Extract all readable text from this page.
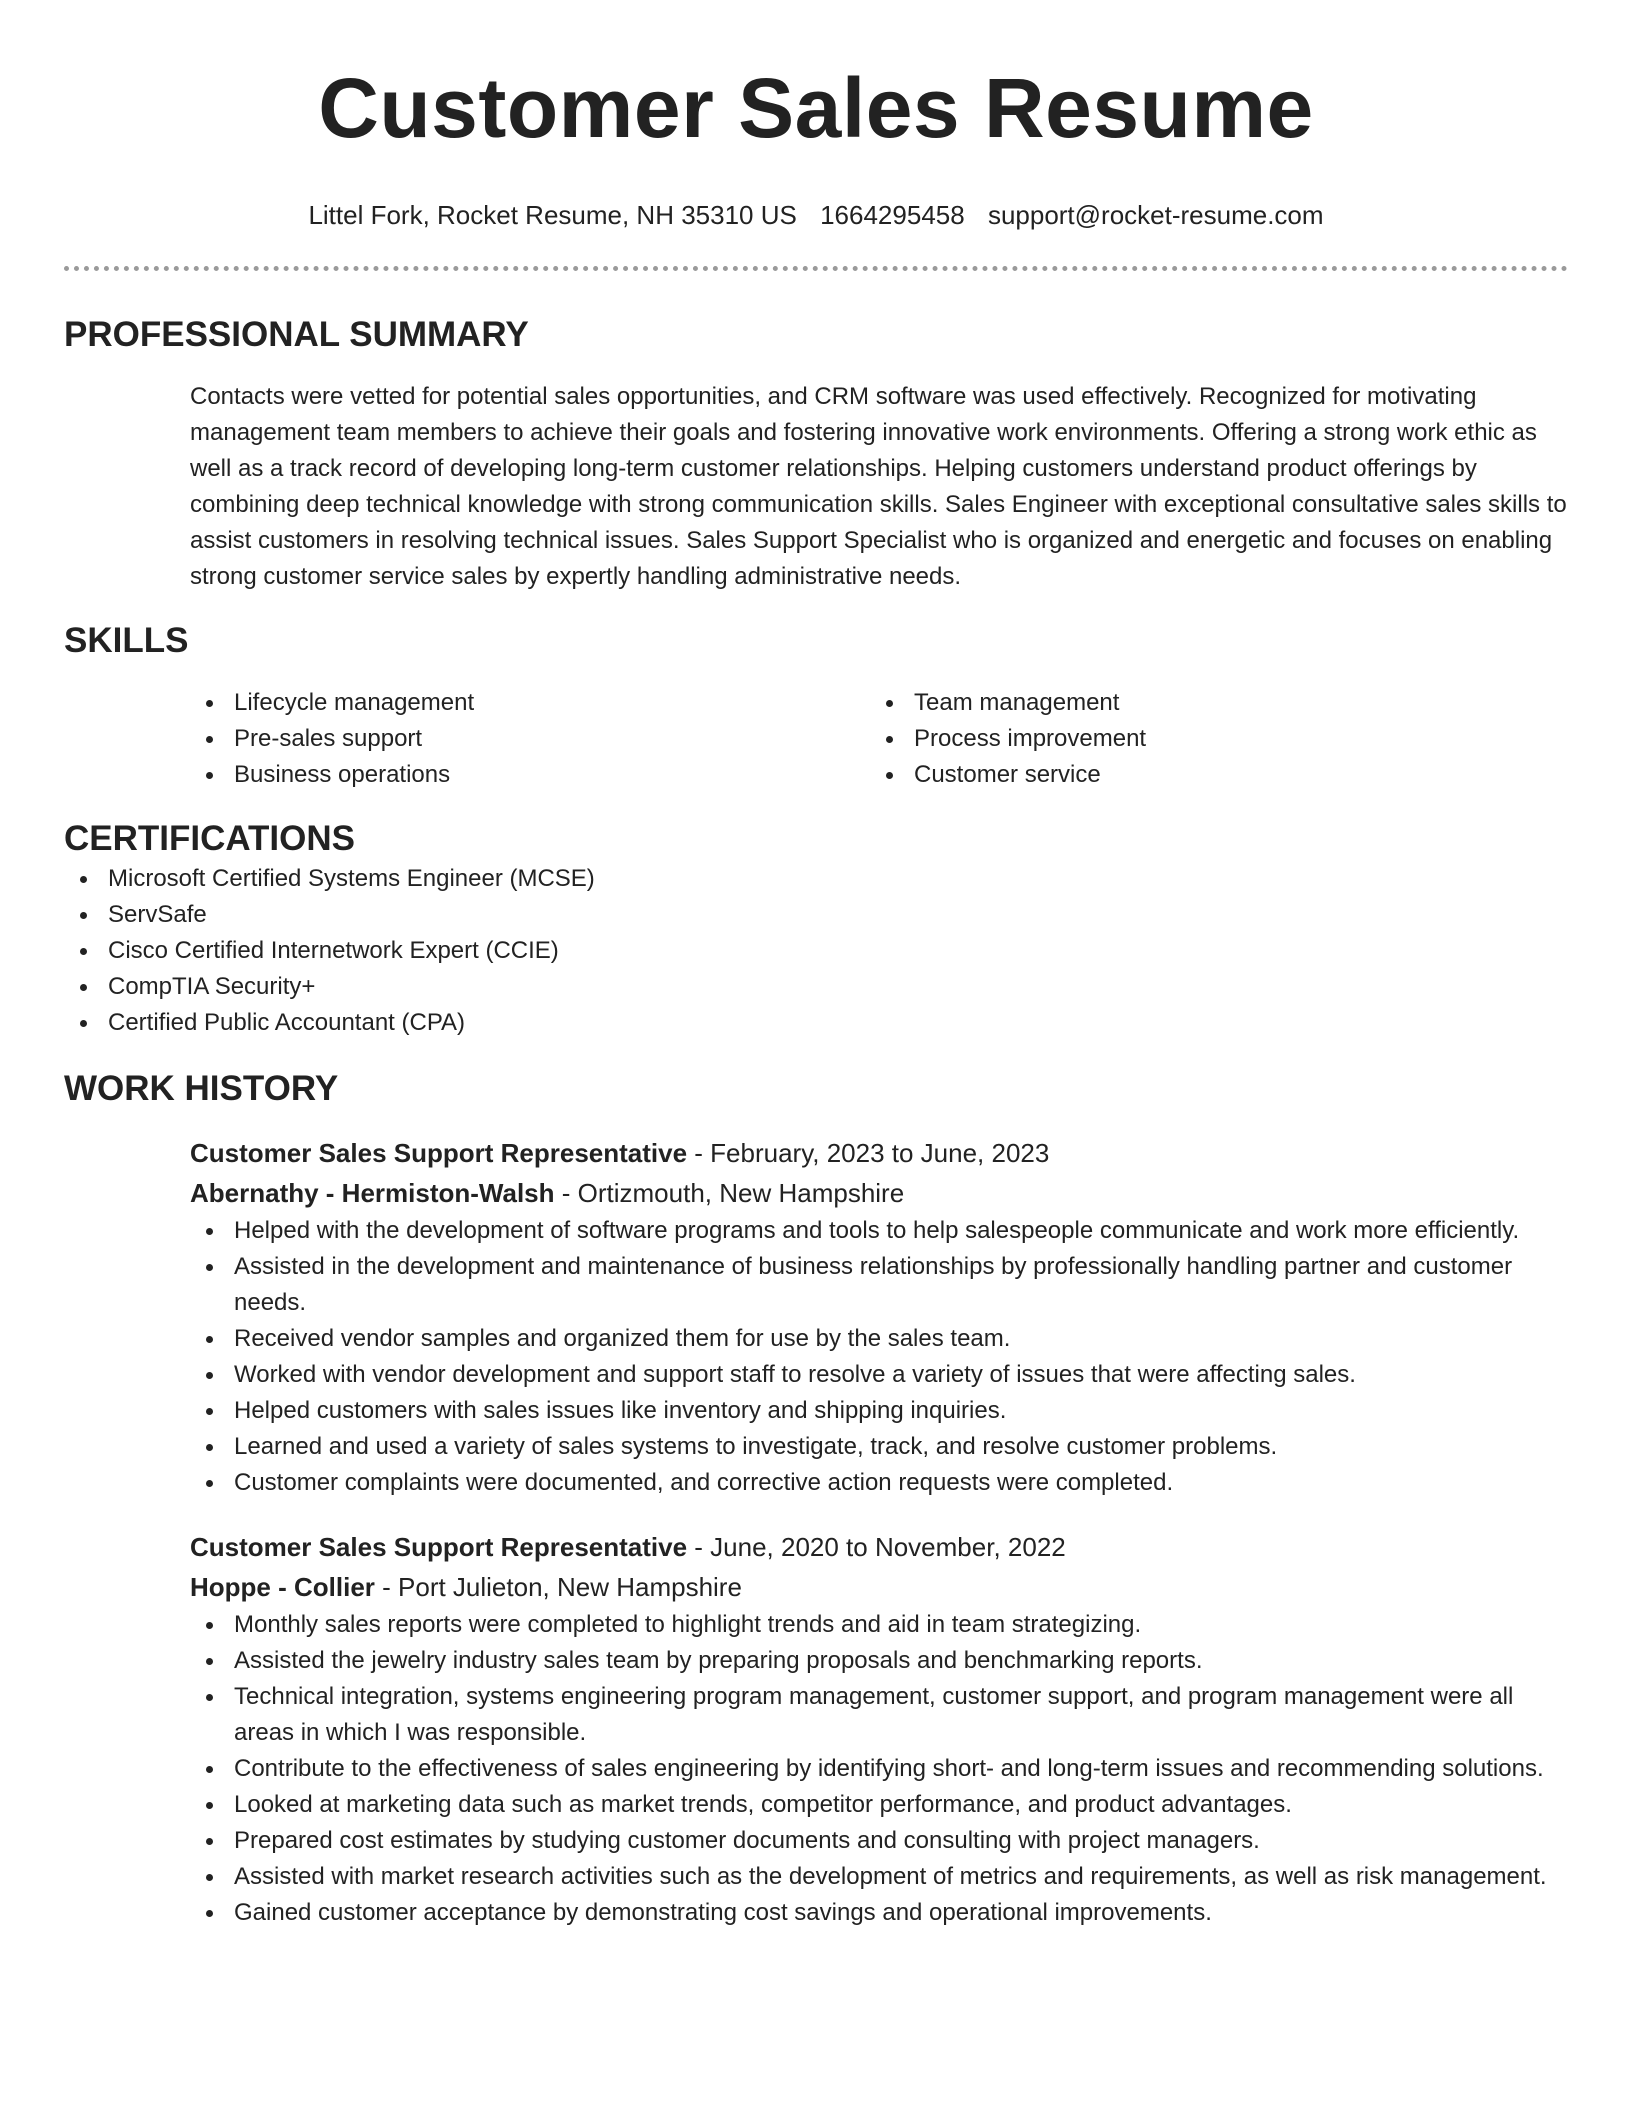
Customer Sales Resume
Littel Fork, Rocket Resume, NH 35310 US 1664295458 support@rocket-resume.com
PROFESSIONAL SUMMARY

Contacts were vetted for potential sales opportunities, and CRM software was used effectively. Recognized for motivating management team members to achieve their goals and fostering innovative work environments. Offering a strong work ethic as well as a track record of developing long-term customer relationships. Helping customers understand product offerings by combining deep technical knowledge with strong communication skills. Sales Engineer with exceptional consultative sales skills to assist customers in resolving technical issues. Sales Support Specialist who is organized and energetic and focuses on enabling strong customer service sales by expertly handling administrative needs.

SKILLS
Lifecycle management
Pre-sales support
Business operations
Team management
Process improvement
Customer service
CERTIFICATIONS
Microsoft Certified Systems Engineer (MCSE)
ServSafe
Cisco Certified Internetwork Expert (CCIE)
CompTIA Security+
Certified Public Accountant (CPA)
WORK HISTORY
Customer Sales Support Representative - February, 2023 to June, 2023
Abernathy - Hermiston-Walsh - Ortizmouth, New Hampshire
Helped with the development of software programs and tools to help salespeople communicate and work more efficiently.
Assisted in the development and maintenance of business relationships by professionally handling partner and customer needs.
Received vendor samples and organized them for use by the sales team.
Worked with vendor development and support staff to resolve a variety of issues that were affecting sales.
Helped customers with sales issues like inventory and shipping inquiries.
Learned and used a variety of sales systems to investigate, track, and resolve customer problems.
Customer complaints were documented, and corrective action requests were completed.
Customer Sales Support Representative - June, 2020 to November, 2022
Hoppe - Collier - Port Julieton, New Hampshire
Monthly sales reports were completed to highlight trends and aid in team strategizing.
Assisted the jewelry industry sales team by preparing proposals and benchmarking reports.
Technical integration, systems engineering program management, customer support, and program management were all areas in which I was responsible.
Contribute to the effectiveness of sales engineering by identifying short- and long-term issues and recommending solutions.
Looked at marketing data such as market trends, competitor performance, and product advantages.
Prepared cost estimates by studying customer documents and consulting with project managers.
Assisted with market research activities such as the development of metrics and requirements, as well as risk management.
Gained customer acceptance by demonstrating cost savings and operational improvements.
